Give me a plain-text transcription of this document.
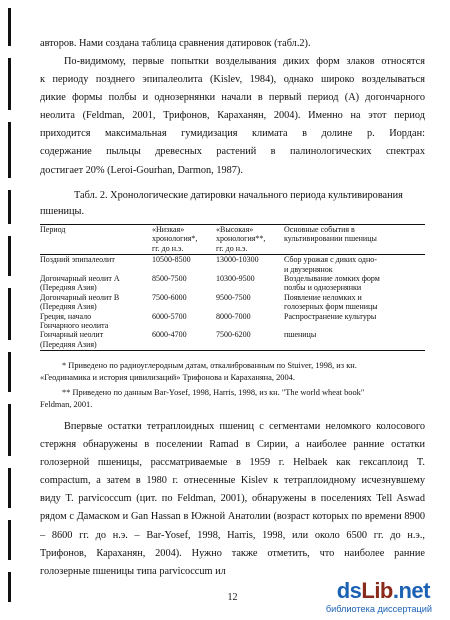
авторов. Нами создана таблица сравнения датировок (табл.2).

По-видимому, первые попытки возделывания диких форм злаков относятся
к периоду позднего эпипалеолита (Kislev, 1984), однако широко возделываться
дикие формы полбы и однозернянки начали в первый период (А) догончарного
неолита (Feldman, 2001, Трифонов, Караханян, 2004). Именно на этот период
приходится максимальная гумидизация климата в долине р. Иордан:
содержание пыльцы древесных растений в палинологических спектрах
достигает 20% (Leroi-Gourhan, Darmon, 1987).

Табл. 2. Хронологические датировки начального периода культивирования
пшеницы.

Период	«Низкая»
хронология*,
гг. до н.э.	«Высокая»
хронология**,
гг. до н.э.	Основные события в
культивировании пшеницы

Поздний эпипалеолит	10500-8500	13000-10300	Сбор урожая с диких одно-
и двузернянок

Догончарный неолит А
(Передняя Азия)	8500-7500	10300-9500	Возделывание ломких форм
полбы и однозернянки

Догончарный неолит В
(Передняя Азия)	7500-6000	9500-7500	Появление неломких и
голозерных форм пшеницы

Греция, начало
Гончарного неолита	6000-5700	8000-7000	Распространение культуры

Гончарный неолит
(Передняя Азия)	6000-4700	7500-6200	пшеницы

* Приведено по радиоуглеродным датам, откалиброванным по Stuiver, 1998, из кн.
«Геодинамика и история цивилизаций» Трифонова и Караханяна, 2004.

** Приведено по данным Bar-Yosef, 1998, Harris, 1998, из кн. "The world wheat book"
Feldman, 2001.

Впервые остатки тетраплоидных пшениц с сегментами неломкого колосового
стержня обнаружены в поселении Ramad в Сирии, а наиболее ранние остатки
голозерной пшеницы, рассматриваемые в 1959 г. Helbaek как гексаплоид T.
compactum, а затем в 1980 г. отнесенные Kislev к тетраплоидному исчезнувшему
виду T. parvicoccum (цит. по Feldman, 2001), обнаружены в поселениях Tell Aswad
рядом с Дамаском и Gan Hassan в Южной Анатолии (возраст которых по времени 8900
– 8600 гг. до н.э. – Bar-Yosef, 1998, Harris, 1998, или около 6500 гг. до н.э.,
Трифонов, Караханян, 2004). Нужно также отметить, что наиболее ранние
голозерные пшеницы типа parvicoccum ил

12	dsLib.net
библиотека диссертаций
